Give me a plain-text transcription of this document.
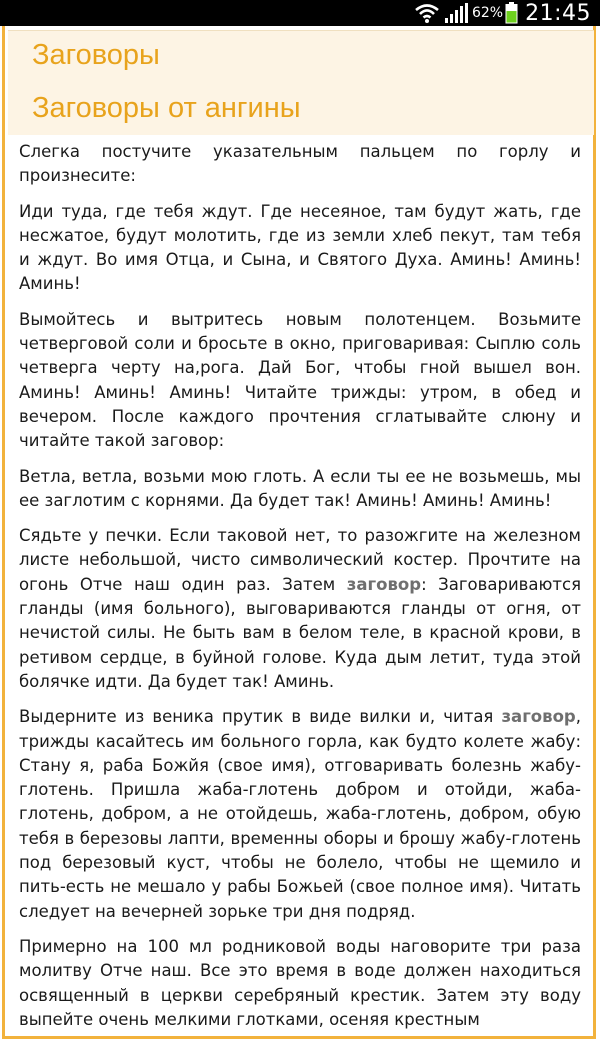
62% 21:45
Заговоры
Заговоры от ангины

Слегка постучите указательным пальцем по горлу и произнесите:

Иди туда, где тебя ждут. Где несеяное, там будут жать, где несжатое, будут молотить, где из земли хлеб пекут, там тебя и ждут. Во имя Отца, и Сына, и Святого Духа. Аминь! Аминь! Аминь!

Вымойтесь и вытритесь новым полотенцем. Возьмите четверговой соли и бросьте в окно, приговаривая: Сыплю соль четверга черту на,рога. Дай Бог, чтобы гной вышел вон. Аминь! Аминь! Аминь! Читайте трижды: утром, в обед и вечером. После каждого прочтения сглатывайте слюну и читайте такой заговор:

Ветла, ветла, возьми мою глоть. А если ты ее не возьмешь, мы ее заглотим с корнями. Да будет так! Аминь! Аминь! Аминь!

Сядьте у печки. Если таковой нет, то разожгите на железном листе небольшой, чисто символический костер. Прочтите на огонь Отче наш один раз. Затем заговор: Заговариваются гланды (имя больного), выговариваются гланды от огня, от нечистой силы. Не быть вам в белом теле, в красной крови, в ретивом сердце, в буйной голове. Куда дым летит, туда этой болячке идти. Да будет так! Аминь.

Выдерните из веника прутик в виде вилки и, читая заговор, трижды касайтесь им больного горла, как будто колете жабу: Стану я, раба Божйя (свое имя), отговаривать болезнь жабу-глотень. Пришла жаба-глотень добром и отойди, жаба-глотень, добром, а не отойдешь, жаба-глотень, добром, обую тебя в березовы лапти, временны оборы и брошу жабу-глотень под березовый куст, чтобы не болело, чтобы не щемило и пить-есть не мешало у рабы Божьей (свое полное имя). Читать следует на вечерней зорьке три дня подряд.

Примерно на 100 мл родниковой воды наговорите три раза молитву Отче наш. Все это время в воде должен находиться освященный в церкви серебряный крестик. Затем эту воду выпейте очень мелкими глотками, осеняя крестным
